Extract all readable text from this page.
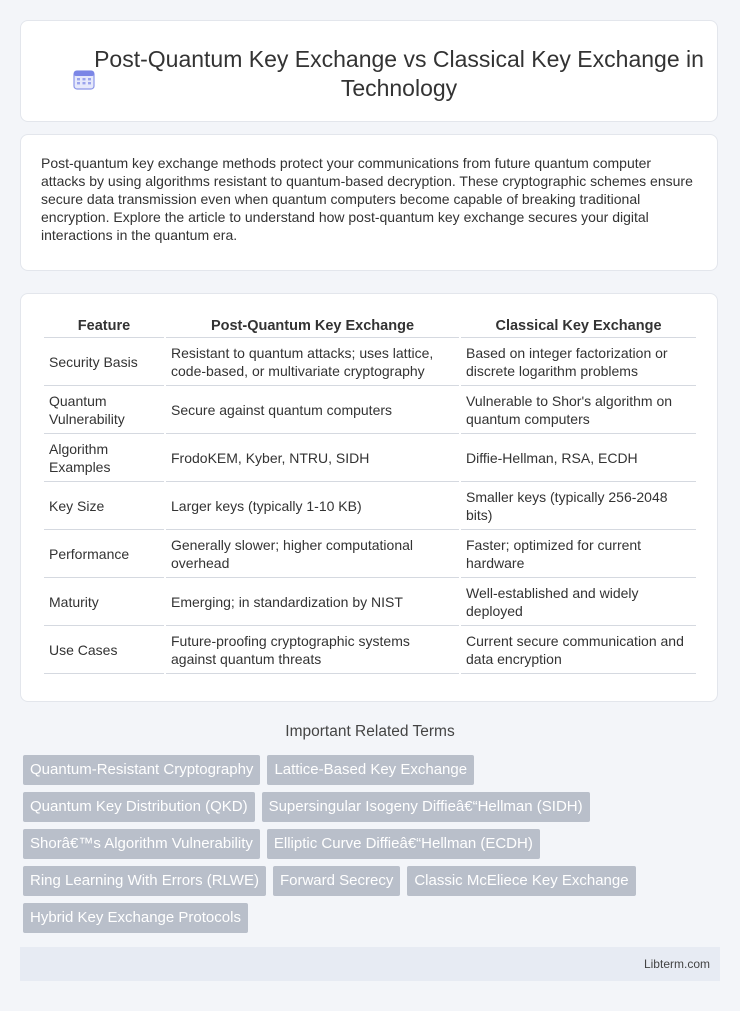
Post-Quantum Key Exchange vs Classical Key Exchange in Technology

Post-quantum key exchange methods protect your communications from future quantum computer attacks by using algorithms resistant to quantum-based decryption. These cryptographic schemes ensure secure data transmission even when quantum computers become capable of breaking traditional encryption. Explore the article to understand how post-quantum key exchange secures your digital interactions in the quantum era.

Feature	Post-Quantum Key Exchange	Classical Key Exchange
Security Basis	Resistant to quantum attacks; uses lattice, code-based, or multivariate cryptography	Based on integer factorization or discrete logarithm problems
Quantum Vulnerability	Secure against quantum computers	Vulnerable to Shor's algorithm on quantum computers
Algorithm Examples	FrodoKEM, Kyber, NTRU, SIDH	Diffie-Hellman, RSA, ECDH
Key Size	Larger keys (typically 1-10 KB)	Smaller keys (typically 256-2048 bits)
Performance	Generally slower; higher computational overhead	Faster; optimized for current hardware
Maturity	Emerging; in standardization by NIST	Well-established and widely deployed
Use Cases	Future-proofing cryptographic systems against quantum threats	Current secure communication and data encryption
Important Related Terms
Quantum-Resistant Cryptography	Lattice-Based Key Exchange
Quantum Key Distribution (QKD)	Supersingular Isogeny Diffieâ€“Hellman (SIDH)
Shorâ€™s Algorithm Vulnerability	Elliptic Curve Diffieâ€“Hellman (ECDH)
Ring Learning With Errors (RLWE)	Forward Secrecy	Classic McEliece Key Exchange
Hybrid Key Exchange Protocols
Libterm.com
